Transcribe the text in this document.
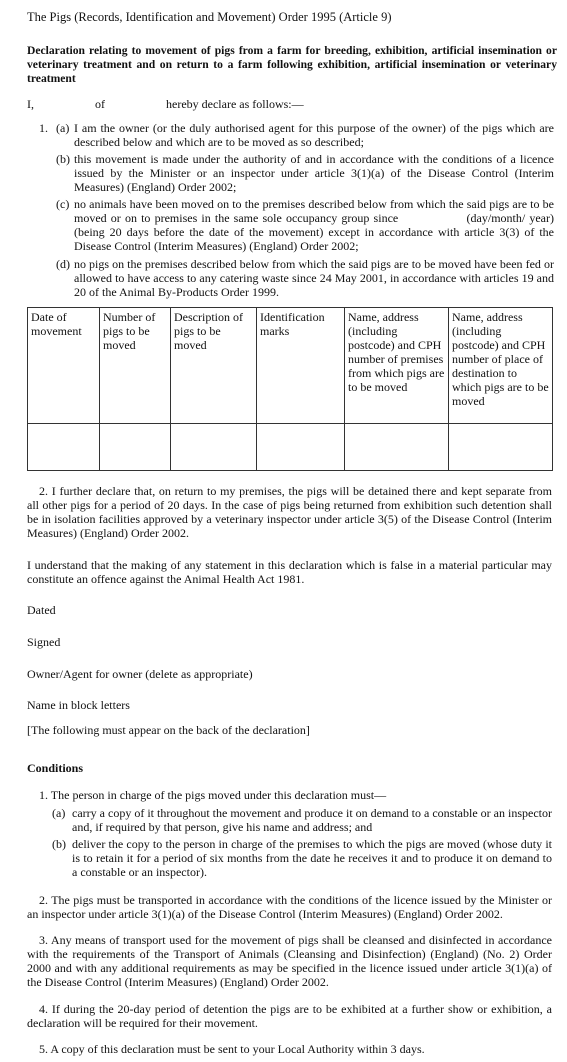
The Pigs (Records, Identification and Movement) Order 1995 (Article 9)
Declaration relating to movement of pigs from a farm for breeding, exhibition, artificial insemination or veterinary treatment and on return to a farm following exhibition, artificial insemination or veterinary treatment
I,	of	hereby declare as follows:—
1. (a) I am the owner (or the duly authorised agent for this purpose of the owner) of the pigs which are described below and which are to be moved as so described;
(b) this movement is made under the authority of and in accordance with the conditions of a licence issued by the Minister or an inspector under article 3(1)(a) of the Disease Control (Interim Measures) (England) Order 2002;
(c) no animals have been moved on to the premises described below from which the said pigs are to be moved or on to premises in the same sole occupancy group since	(day/month/ year) (being 20 days before the date of the movement) except in accordance with article 3(3) of the Disease Control (Interim Measures) (England) Order 2002;
(d) no pigs on the premises described below from which the said pigs are to be moved have been fed or allowed to have access to any catering waste since 24 May 2001, in accordance with articles 19 and 20 of the Animal By-Products Order 1999.
Date of movement	Number of pigs to be moved	Description of pigs to be moved	Identification marks	Name, address (including postcode) and CPH number of premises from which pigs are to be moved	Name, address (including postcode) and CPH number of place of destination to which pigs are to be moved

2. I further declare that, on return to my premises, the pigs will be detained there and kept separate from all other pigs for a period of 20 days. In the case of pigs being returned from exhibition such detention shall be in isolation facilities approved by a veterinary inspector under article 3(5) of the Disease Control (Interim Measures) (England) Order 2002.
I understand that the making of any statement in this declaration which is false in a material particular may constitute an offence against the Animal Health Act 1981.
Dated
Signed
Owner/Agent for owner (delete as appropriate)
Name in block letters
[The following must appear on the back of the declaration]
Conditions
1. The person in charge of the pigs moved under this declaration must—
(a) carry a copy of it throughout the movement and produce it on demand to a constable or an inspector and, if required by that person, give his name and address; and
(b) deliver the copy to the person in charge of the premises to which the pigs are moved (whose duty it is to retain it for a period of six months from the date he receives it and to produce it on demand to a constable or an inspector).
2. The pigs must be transported in accordance with the conditions of the licence issued by the Minister or an inspector under article 3(1)(a) of the Disease Control (Interim Measures) (England) Order 2002.
3. Any means of transport used for the movement of pigs shall be cleansed and disinfected in accordance with the requirements of the Transport of Animals (Cleansing and Disinfection) (England) (No. 2) Order 2000 and with any additional requirements as may be specified in the licence issued under article 3(1)(a) of the Disease Control (Interim Measures) (England) Order 2002.
4. If during the 20-day period of detention the pigs are to be exhibited at a further show or exhibition, a declaration will be required for their movement.
5. A copy of this declaration must be sent to your Local Authority within 3 days.
